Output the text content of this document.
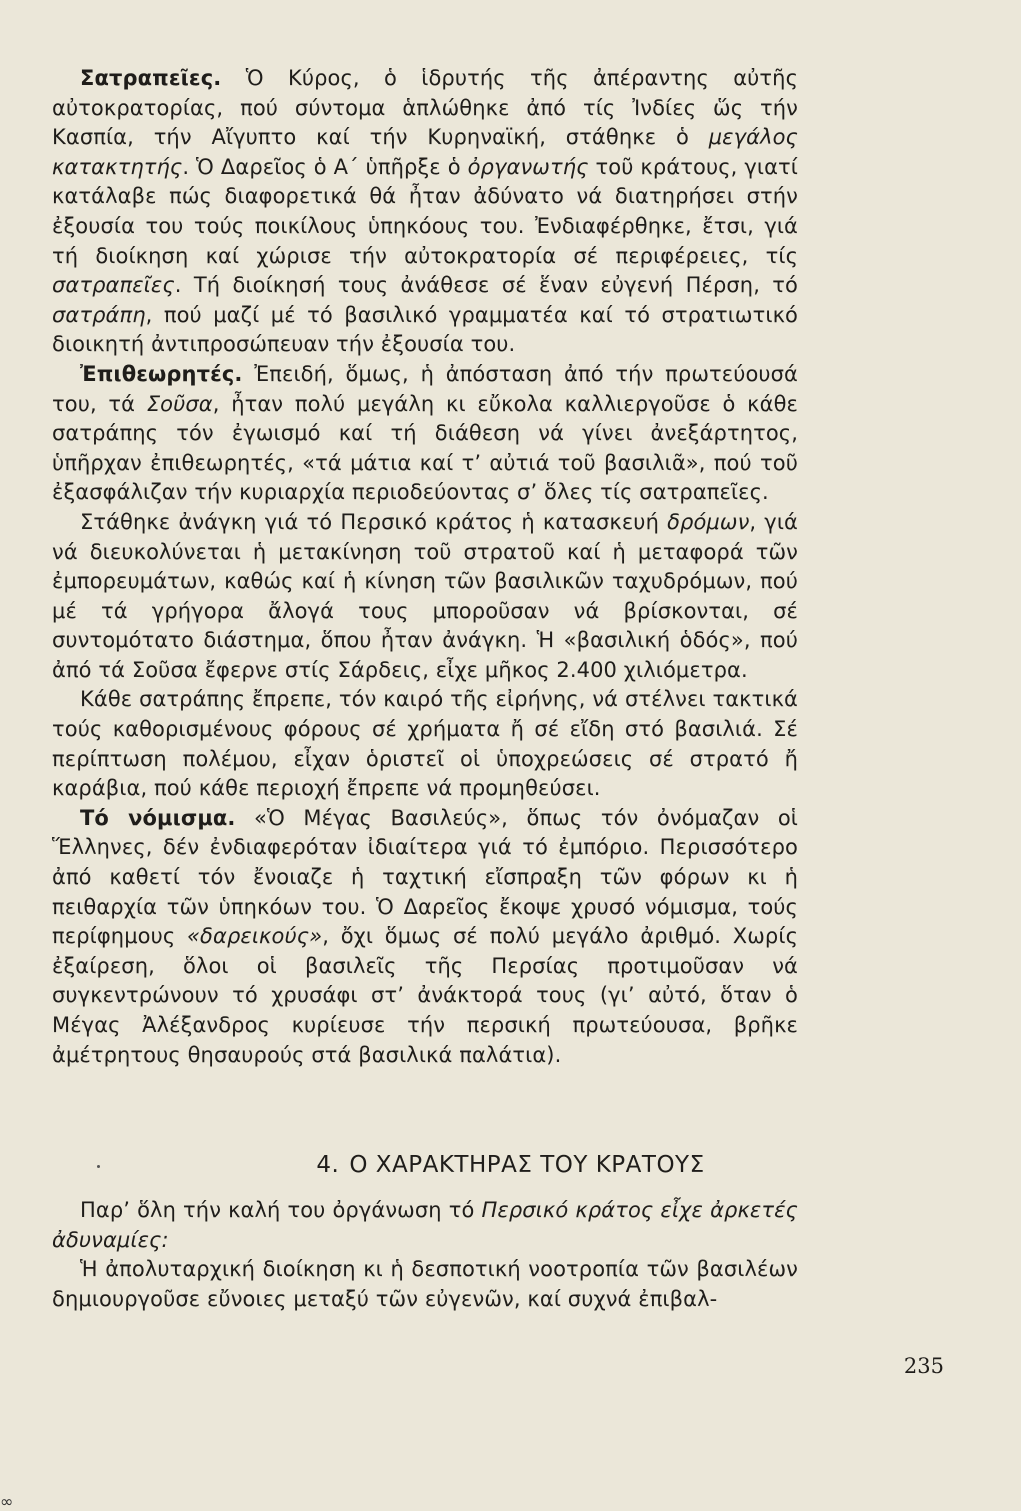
Σατραπεῖες. Ὁ Κύρος, ὁ ἱδρυτής τῆς ἀπέραντης αὐτῆς αὐτοκρατορίας, πού σύντομα ἁπλώθηκε ἀπό τίς Ἰνδίες ὥς τήν Κασπία, τήν Αἴγυπτο καί τήν Κυρηναϊκή, στάθηκε ὁ μεγάλος κατακτητής. Ὁ Δαρεῖος ὁ Α΄ ὑπῆρξε ὁ ὀργανωτής τοῦ κράτους, γιατί κατάλαβε πώς διαφορετικά θά ἦταν ἀδύνατο νά διατηρήσει στήν ἐξουσία του τούς ποικίλους ὑπηκόους του. Ἐνδιαφέρθηκε, ἔτσι, γιά τή διοίκηση καί χώρισε τήν αὐτοκρατορία σέ περιφέρειες, τίς σατραπεῖες. Τή διοίκησή τους ἀνάθεσε σέ ἕναν εὐγενή Πέρση, τό σατράπη, πού μαζί μέ τό βασιλικό γραμματέα καί τό στρατιωτικό διοικητή ἀντιπροσώπευαν τήν ἐξουσία του.

Ἐπιθεωρητές. Ἐπειδή, ὅμως, ἡ ἀπόσταση ἀπό τήν πρωτεύουσά του, τά Σοῦσα, ἦταν πολύ μεγάλη κι εὔκολα καλλιεργοῦσε ὁ κάθε σατράπης τόν ἐγωισμό καί τή διάθεση νά γίνει ἀνεξάρτητος, ὑπῆρχαν ἐπιθεωρητές, «τά μάτια καί τ’ αὐτιά τοῦ βασιλιᾶ», πού τοῦ ἐξασφάλιζαν τήν κυριαρχία περιοδεύοντας σ’ ὅλες τίς σατραπεῖες.

Στάθηκε ἀνάγκη γιά τό Περσικό κράτος ἡ κατασκευή δρόμων, γιά νά διευκολύνεται ἡ μετακίνηση τοῦ στρατοῦ καί ἡ μεταφορά τῶν ἐμπορευμάτων, καθώς καί ἡ κίνηση τῶν βασιλικῶν ταχυδρόμων, πού μέ τά γρήγορα ἄλογά τους μποροῦσαν νά βρίσκονται, σέ συντομότατο διάστημα, ὅπου ἦταν ἀνάγκη. Ἡ «βασιλική ὁδός», πού ἀπό τά Σοῦσα ἔφερνε στίς Σάρδεις, εἶχε μῆκος 2.400 χιλιόμετρα.

Κάθε σατράπης ἔπρεπε, τόν καιρό τῆς εἰρήνης, νά στέλνει τακτικά τούς καθορισμένους φόρους σέ χρήματα ἤ σέ εἴδη στό βασιλιά. Σέ περίπτωση πολέμου, εἶχαν ὁριστεῖ οἱ ὑποχρεώσεις σέ στρατό ἤ καράβια, πού κάθε περιοχή ἔπρεπε νά προμηθεύσει.

Τό νόμισμα. «Ὁ Μέγας Βασιλεύς», ὅπως τόν ὀνόμαζαν οἱ Ἕλληνες, δέν ἐνδιαφερόταν ἰδιαίτερα γιά τό ἐμπόριο. Περισσότερο ἀπό καθετί τόν ἔνοιαζε ἡ ταχτική εἴσπραξη τῶν φόρων κι ἡ πειθαρχία τῶν ὑπηκόων του. Ὁ Δαρεῖος ἔκοψε χρυσό νόμισμα, τούς περίφημους «δαρεικούς», ὄχι ὅμως σέ πολύ μεγάλο ἀριθμό. Χωρίς ἐξαίρεση, ὅλοι οἱ βασιλεῖς τῆς Περσίας προτιμοῦσαν νά συγκεντρώνουν τό χρυσάφι στ’ ἀνάκτορά τους (γι’ αὐτό, ὅταν ὁ Μέγας Ἀλέξανδρος κυρίευσε τήν περσική πρωτεύουσα, βρῆκε ἀμέτρητους θησαυρούς στά βασιλικά παλάτια).

4. Ο ΧΑΡΑΚΤΗΡΑΣ ΤΟΥ ΚΡΑΤΟΥΣ

Παρ’ ὅλη τήν καλή του ὀργάνωση τό Περσικό κράτος εἶχε ἀρκετές ἀδυναμίες:

Ἡ ἀπολυταρχική διοίκηση κι ἡ δεσποτική νοοτροπία τῶν βασιλέων δημιουργοῦσε εὔνοιες μεταξύ τῶν εὐγενῶν, καί συχνά ἐπιβαλ-

235
∞
